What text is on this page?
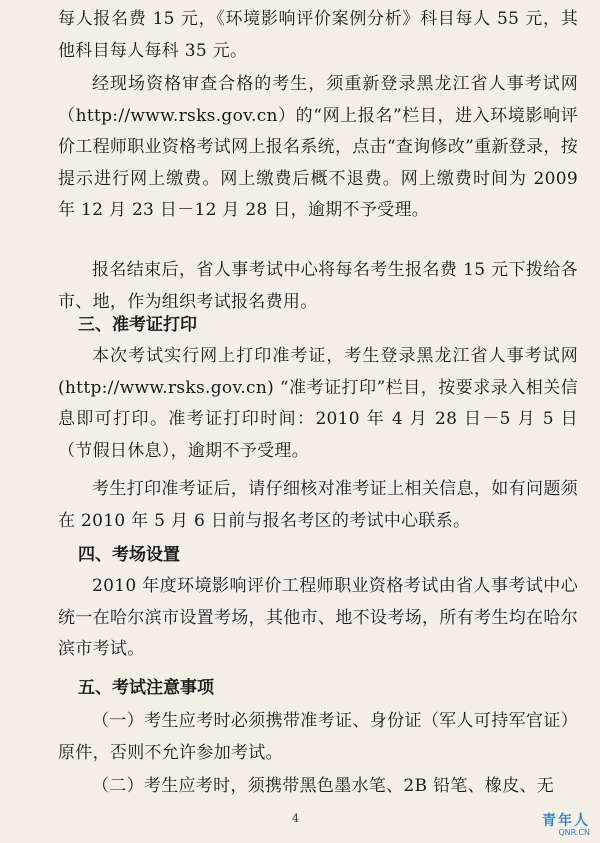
每人报名费 15 元，《环境影响评价案例分析》科目每人 55 元，其他科目每人每科 35 元。

经现场资格审查合格的考生，须重新登录黑龙江省人事考试网（http://www.rsks.gov.cn）的“网上报名”栏目，进入环境影响评价工程师职业资格考试网上报名系统，点击“查询修改”重新登录，按提示进行网上缴费。网上缴费后概不退费。网上缴费时间为 2009 年 12 月 23 日－12 月 28 日，逾期不予受理。

报名结束后，省人事考试中心将每名考生报名费 15 元下拨给各市、地，作为组织考试报名费用。

三、准考证打印

本次考试实行网上打印准考证，考生登录黑龙江省人事考试网(http://www.rsks.gov.cn) “准考证打印”栏目，按要求录入相关信息即可打印。准考证打印时间：2010 年 4 月 28 日－5 月 5 日（节假日休息），逾期不予受理。

考生打印准考证后，请仔细核对准考证上相关信息，如有问题须在 2010 年 5 月 6 日前与报名考区的考试中心联系。

四、考场设置

2010 年度环境影响评价工程师职业资格考试由省人事考试中心统一在哈尔滨市设置考场，其他市、地不设考场，所有考生均在哈尔滨市考试。

五、考试注意事项

（一）考生应考时必须携带准考证、身份证（军人可持军官证）原件，否则不允许参加考试。

（二）考生应考时，须携带黑色墨水笔、2B 铅笔、橡皮、无

4	青年人
QNR.CN
